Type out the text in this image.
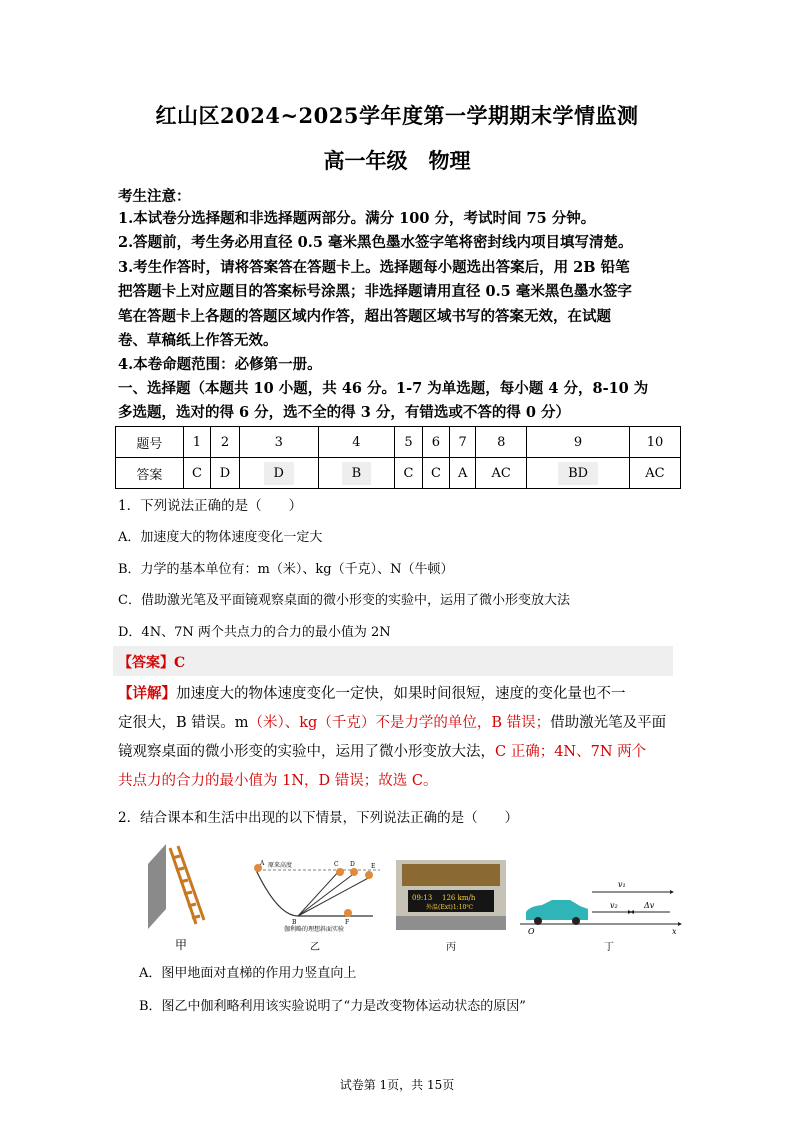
红山区2024~2025学年度第一学期期末学情监测
高一年级　物理
考生注意：
1.本试卷分选择题和非选择题两部分。满分 100 分，考试时间 75 分钟。
2.答题前，考生务必用直径 0.5 毫米黑色墨水签字笔将密封线内项目填写清楚。
3.考生作答时，请将答案答在答题卡上。选择题每小题选出答案后，用 2B 铅笔
把答题卡上对应题目的答案标号涂黑；非选择题请用直径 0.5 毫米黑色墨水签字
笔在答题卡上各题的答题区域内作答，超出答题区域书写的答案无效，在试题
卷、草稿纸上作答无效。
4.本卷命题范围：必修第一册。
一、选择题（本题共 10 小题，共 46 分。1-7 为单选题，每小题 4 分，8-10 为
多选题，选对的得 6 分，选不全的得 3 分，有错选或不答的得 0 分）
题号	1	2	3	4	5	6	7	8	9	10
答案	C	D	D	B	C	C	A	AC	BD	AC
1．下列说法正确的是（　　）
A．加速度大的物体速度变化一定大
B．力学的基本单位有：m（米）、kg（千克）、N（牛顿）
C．借助激光笔及平面镜观察桌面的微小形变的实验中，运用了微小形变放大法
D．4N、7N 两个共点力的合力的最小值为 2N
【答案】C
【详解】加速度大的物体速度变化一定快，如果时间很短，速度的变化量也不一
定很大，B 错误。m（米）、kg（千克）不是力学的单位，B 错误；借助激光笔及平面
镜观察桌面的微小形变的实验中，运用了微小形变放大法，C 正确；4N、7N 两个
共点力的合力的最小值为 1N，D 错误；故选 C。
2．结合课本和生活中出现的以下情景，下列说法正确的是（　　）
甲
A 原来高度
B
C D	E
F
伽利略的理想斜面实验
乙
09:13 126 km/h
外温(Ext)1:10℃
丙
v₁
v₂	Δv
O	x
丁
A．图甲地面对直梯的作用力竖直向上
B．图乙中伽利略利用该实验说明了“力是改变物体运动状态的原因”
试卷第 1页，共 15页
